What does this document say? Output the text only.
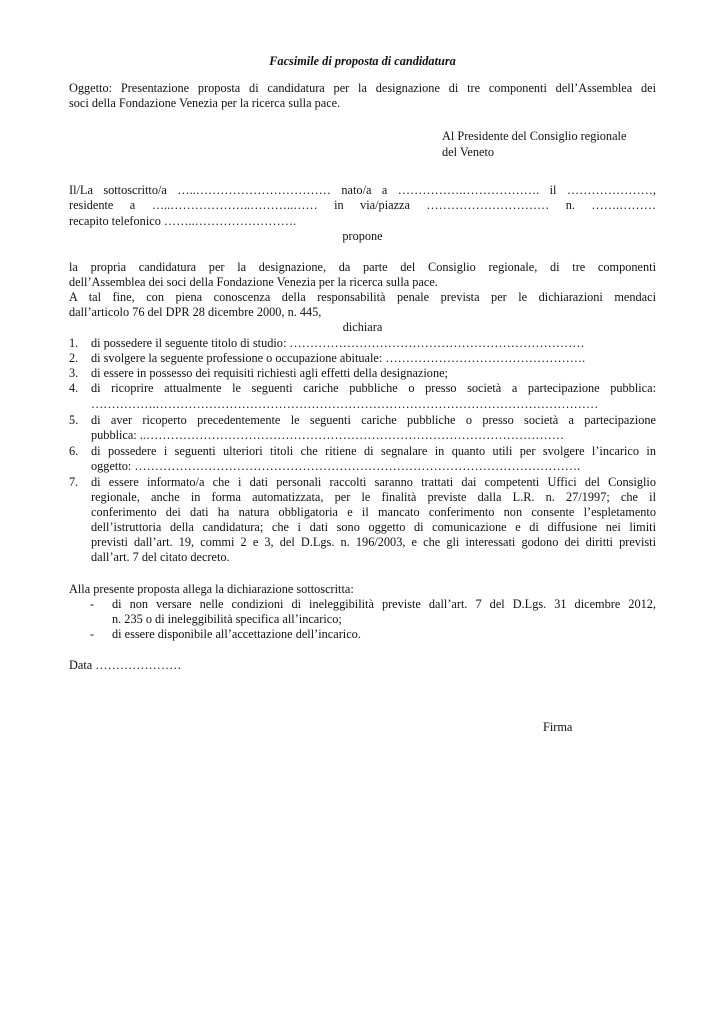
Facsimile di proposta di candidatura
Oggetto: Presentazione proposta di candidatura per la designazione di tre componenti dell’Assemblea dei
soci della Fondazione Venezia per la ricerca sulla pace.
Al Presidente del Consiglio regionale
del Veneto
Il/La sottoscritto/a …..…………………………… nato/a a …………….………………. il …………………,
residente a …..………………..………..…… in via/piazza ………………………… n. …….………
recapito telefonico ……..…………………….
propone
la propria candidatura per la designazione, da parte del Consiglio regionale, di tre componenti
dell’Assemblea dei soci della Fondazione Venezia per la ricerca sulla pace.
A tal fine, con piena conoscenza della responsabilità penale prevista per le dichiarazioni mendaci
dall’articolo 76 del DPR 28 dicembre 2000, n. 445,
dichiara
1. di possedere il seguente titolo di studio: ………………………………………………………………
2. di svolgere la seguente professione o occupazione abituale: ………………………………………….
3. di essere in possesso dei requisiti richiesti agli effetti della designazione;
4. di ricoprire attualmente le seguenti cariche pubbliche o presso società a partecipazione pubblica:
…………….………………………………………………………………………………………………
5. di aver ricoperto precedentemente le seguenti cariche pubbliche o presso società a partecipazione
pubblica: ..…………………………………………………………………………………………
6. di possedere i seguenti ulteriori titoli che ritiene di segnalare in quanto utili per svolgere l’incarico in
oggetto: ……………………………………………………………………………………………….
7. di essere informato/a che i dati personali raccolti saranno trattati dai competenti Uffici del Consiglio
regionale, anche in forma automatizzata, per le finalità previste dalla L.R. n. 27/1997; che il
conferimento dei dati ha natura obbligatoria e il mancato conferimento non consente l’espletamento
dell’istruttoria della candidatura; che i dati sono oggetto di comunicazione e di diffusione nei limiti
previsti dall’art. 19, commi 2 e 3, del D.Lgs. n. 196/2003, e che gli interessati godono dei diritti previsti
dall’art. 7 del citato decreto.
Alla presente proposta allega la dichiarazione sottoscritta:
- di non versare nelle condizioni di ineleggibilità previste dall’art. 7 del D.Lgs. 31 dicembre 2012,
n. 235 o di ineleggibilità specifica all’incarico;
- di essere disponibile all’accettazione dell’incarico.
Data …………………
Firma
